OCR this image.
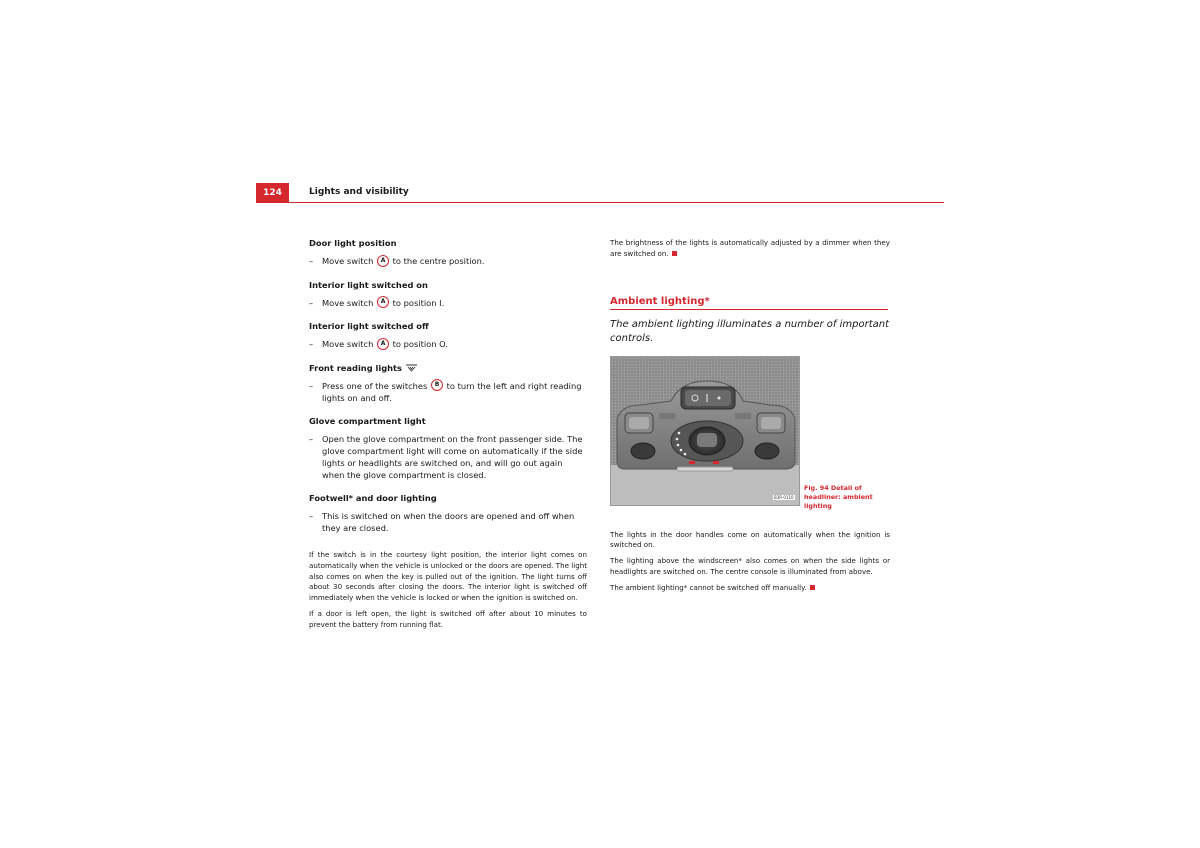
124	Lights and visibility
Door light position
– Move switch A to the centre position.
Interior light switched on
– Move switch A to position I.
Interior light switched off
– Move switch A to position O.
Front reading lights
– Press one of the switches B to turn the left and right reading lights on and off.
Glove compartment light
– Open the glove compartment on the front passenger side. The glove compartment light will come on automatically if the side lights or headlights are switched on, and will go out again when the glove compartment is closed.
Footwell* and door lighting
– This is switched on when the doors are opened and off when they are closed.

If the switch is in the courtesy light position, the interior light comes on automatically when the vehicle is unlocked or the doors are opened. The light also comes on when the key is pulled out of the ignition. The light turns off about 30 seconds after closing the doors. The interior light is switched off immediately when the vehicle is locked or when the ignition is switched on.

If a door is left open, the light is switched off after about 10 minutes to prevent the battery from running flat.

The brightness of the lights is automatically adjusted by a dimmer when they are switched on.

Ambient lighting*

The ambient lighting illuminates a number of important controls.

B3R-0110
Fig. 94 Detail of headliner: ambient lighting

The lights in the door handles come on automatically when the ignition is switched on.

The lighting above the windscreen* also comes on when the side lights or headlights are switched on. The centre console is illuminated from above.

The ambient lighting* cannot be switched off manually.
